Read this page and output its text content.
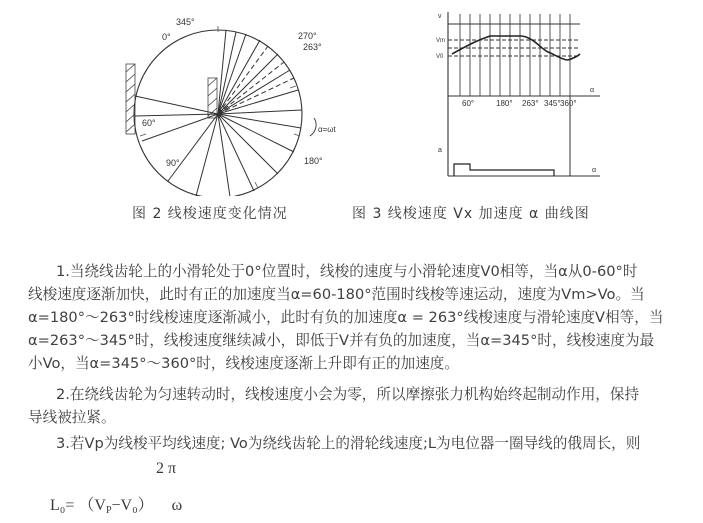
0°
345°
270°
263°
60°
90°	180°
α=ωt
v
Vm
V0
60°	180° 263° 345° 360°
α
a
α
图 2 线梭速度变化情况	图 3 线梭速度 Vx 加速度 α 曲线图
1.当绕线齿轮上的小滑轮处于0°位置时，线梭的速度与小滑轮速度V0相等，当α从0-60°时
线梭速度逐渐加快，此时有正的加速度当α=60-180°范围时线梭等速运动，速度为Vm>Vo。当
α=180°～263°时线梭速度逐渐减小，此时有负的加速度α = 263°线梭速度与滑轮速度V相等，当
α=263°～345°时，线梭速度继续减小，即低于V并有负的加速度，当α=345°时，线梭速度为最
小Vo，当α=345°～360°时，线梭速度逐渐上升即有正的加速度。
2.在绕线齿轮为匀速转动时，线梭速度小会为零，所以摩擦张力机构始终起制动作用，保持
导线被拉紧。
3.若Vp为线梭平均线速度; Vo为绕线齿轮上的滑轮线速度;L为电位器一圈导线的俄周长，则
2 π
L₀= （VP−V₀） ω
